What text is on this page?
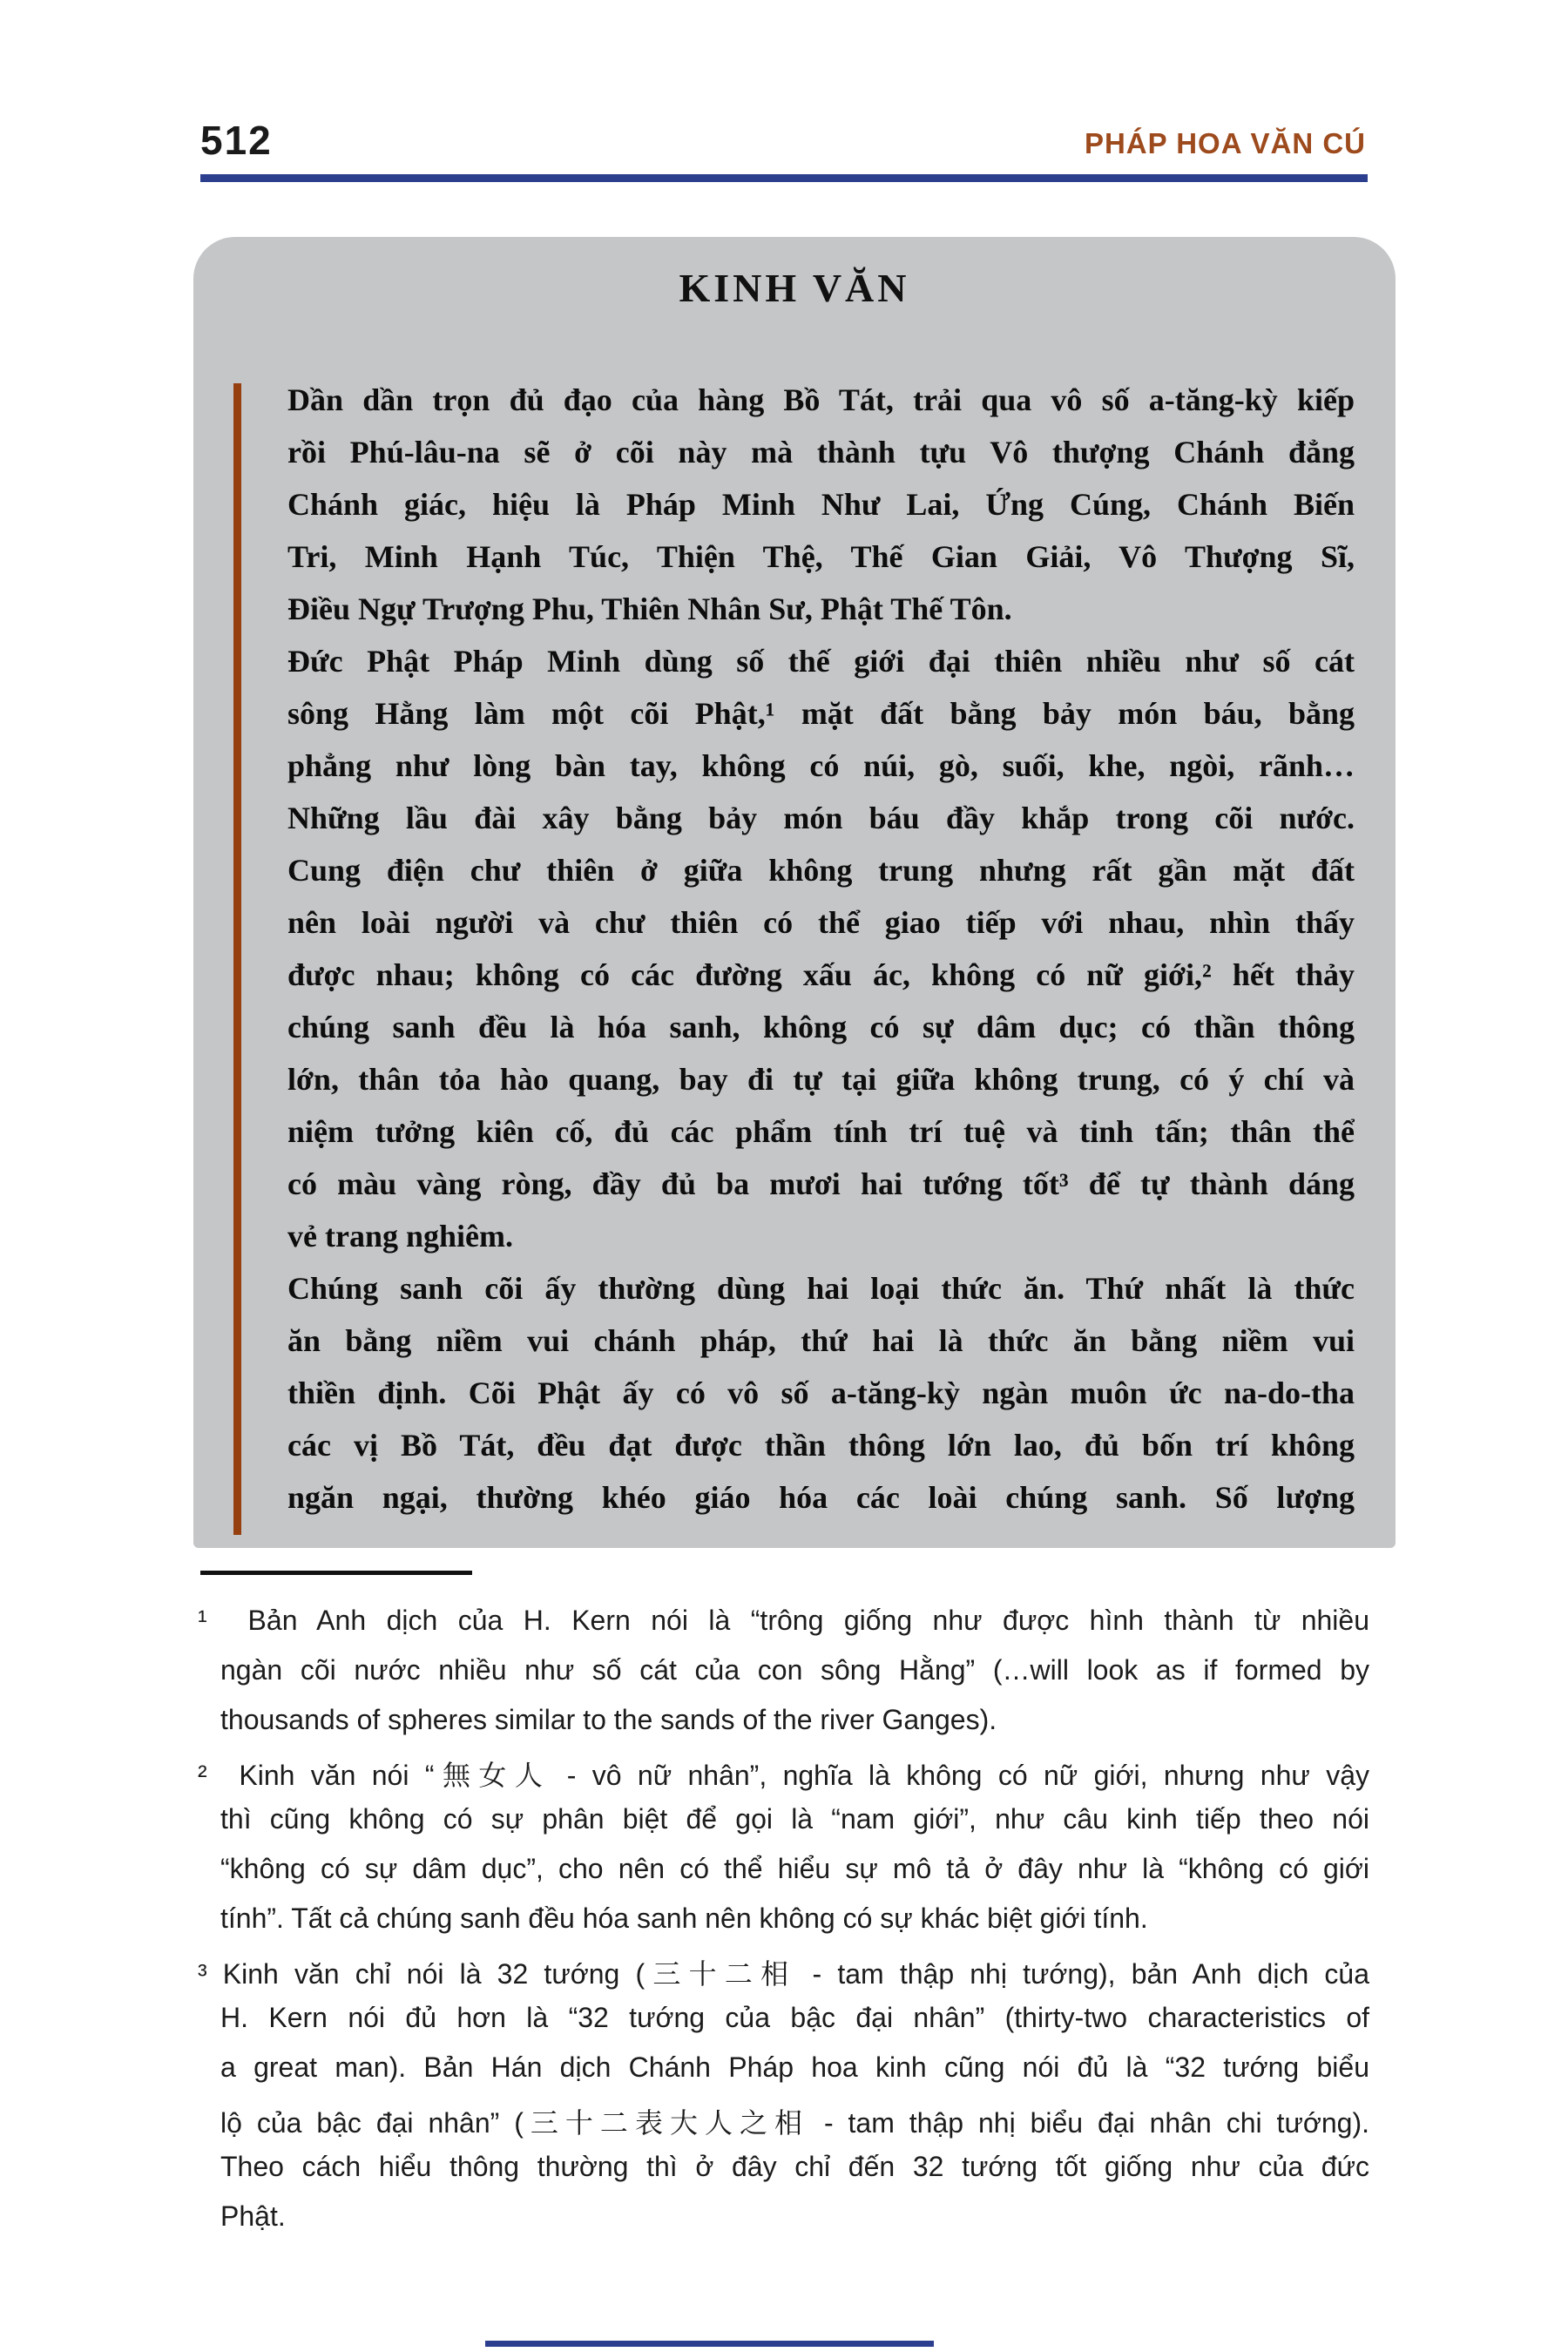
512	PHÁP HOA VĂN CÚ
KINH VĂN
Dần dần trọn đủ đạo của hàng Bồ Tát, trải qua vô số a-tăng-kỳ kiếp
rồi Phú-lâu-na sẽ ở cõi này mà thành tựu Vô thượng Chánh đẳng
Chánh giác, hiệu là Pháp Minh Như Lai, Ứng Cúng, Chánh Biến
Tri, Minh Hạnh Túc, Thiện Thệ, Thế Gian Giải, Vô Thượng Sĩ,
Điều Ngự Trượng Phu, Thiên Nhân Sư, Phật Thế Tôn.
Đức Phật Pháp Minh dùng số thế giới đại thiên nhiều như số cát
sông Hằng làm một cõi Phật,¹ mặt đất bằng bảy món báu, bằng
phẳng như lòng bàn tay, không có núi, gò, suối, khe, ngòi, rãnh…
Những lầu đài xây bằng bảy món báu đầy khắp trong cõi nước.
Cung điện chư thiên ở giữa không trung nhưng rất gần mặt đất
nên loài người và chư thiên có thể giao tiếp với nhau, nhìn thấy
được nhau; không có các đường xấu ác, không có nữ giới,² hết thảy
chúng sanh đều là hóa sanh, không có sự dâm dục; có thần thông
lớn, thân tỏa hào quang, bay đi tự tại giữa không trung, có ý chí và
niệm tưởng kiên cố, đủ các phẩm tính trí tuệ và tinh tấn; thân thể
có màu vàng ròng, đầy đủ ba mươi hai tướng tốt³ để tự thành dáng
vẻ trang nghiêm.
Chúng sanh cõi ấy thường dùng hai loại thức ăn. Thứ nhất là thức
ăn bằng niềm vui chánh pháp, thứ hai là thức ăn bằng niềm vui
thiền định. Cõi Phật ấy có vô số a-tăng-kỳ ngàn muôn ức na-do-tha
các vị Bồ Tát, đều đạt được thần thông lớn lao, đủ bốn trí không
ngăn ngại, thường khéo giáo hóa các loài chúng sanh. Số lượng
¹  Bản Anh dịch của H. Kern nói là “trông giống như được hình thành từ nhiều
ngàn cõi nước nhiều như số cát của con sông Hằng” (…will look as if formed by
thousands of spheres similar to the sands of the river Ganges).
²  Kinh văn nói “無女人 - vô nữ nhân”, nghĩa là không có nữ giới, nhưng như vậy
thì cũng không có sự phân biệt để gọi là “nam giới”, như câu kinh tiếp theo nói
“không có sự dâm dục”, cho nên có thể hiểu sự mô tả ở đây như là “không có giới
tính”. Tất cả chúng sanh đều hóa sanh nên không có sự khác biệt giới tính.
³ Kinh văn chỉ nói là 32 tướng (三十二相 - tam thập nhị tướng), bản Anh dịch của
H. Kern nói đủ hơn là “32 tướng của bậc đại nhân” (thirty-two characteristics of
a great man). Bản Hán dịch Chánh Pháp hoa kinh cũng nói đủ là “32 tướng biểu
lộ của bậc đại nhân” (三十二表大人之相 - tam thập nhị biểu đại nhân chi tướng).
Theo cách hiểu thông thường thì ở đây chỉ đến 32 tướng tốt giống như của đức
Phật.
